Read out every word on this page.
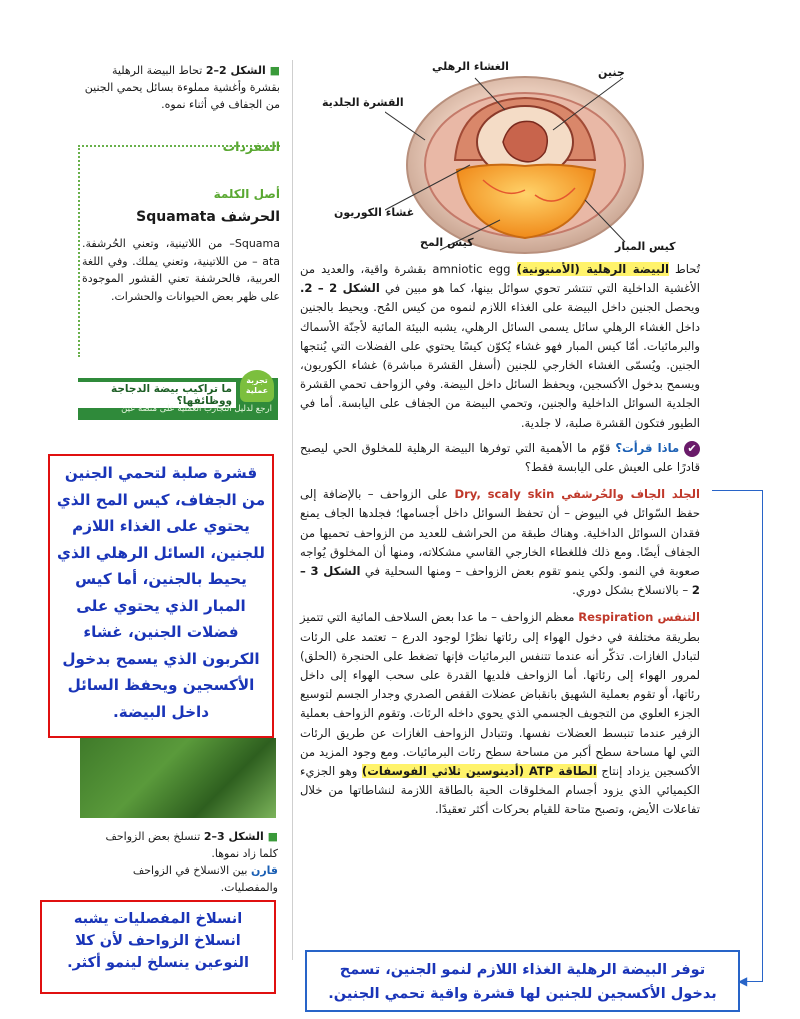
جنين
الغشاء الرهلي
القشرة الجلدية
غشاء الكوريون
كيس المح	كيس المبار
■ الشكل 2–2 تحاط البيضة الرهلية بقشرة وأغشية مملوءة بسائل يحمي الجنين من الجفاف في أثناء نموه.
المفردات
أصل الكلمة
الحرشف Squamata
Squama– من اللاتينية، وتعني الحُرشفة. ata – من اللاتينية، وتعني يملك. وفي اللغة العربية، فالحرشفة تعني القشور الموجودة على ظهر بعض الحيوانات والحشرات.
تجربة عملية
ما تراكيب بيضة الدجاجة ووظائفها؟
ارجع لدليل التجارب العملية على منصة عين
■ الشكل 3–2 تنسلخ بعض الزواحف كلما زاد نموها.
قارن بين الانسلاخ في الزواحف والمفصليات.

تُحاط البيضة الرهلية (الأمنيونية) amniotic egg بقشرة واقية، والعديد من الأغشية الداخلية التي تنتشر تحوي سوائل بينها، كما هو مبين في الشكل 2 – 2. ويحصل الجنين داخل البيضة على الغذاء اللازم لنموه من كيس المُح. ويحيط بالجنين داخل الغشاء الرهلي سائل يسمى السائل الرهلي، يشبه البيئة المائية لأجنّة الأسماك والبرمائيات. أمّا كيس المبار فهو غشاء يُكوّن كيسًا يحتوي على الفضلات التي يُنتجها الجنين. ويُسمّى الغشاء الخارجي للجنين (أسفل القشرة مباشرة) غشاء الكوريون، ويسمح بدخول الأكسجين، ويحفظ السائل داخل البيضة. وفي الزواحف تحمي القشرة الجلدية السوائل الداخلية والجنين، وتحمي البيضة من الجفاف على اليابسة. أما في الطيور فتكون القشرة صلبة، لا جلدية.

✔ ماذا قرأت؟ قوّم ما الأهمية التي توفرها البيضة الرهلية للمخلوق الحي ليصبح قادرًا على العيش على اليابسة فقط؟

الجلد الجاف والحُرشفي Dry, scaly skin على الزواحف – بالإضافة إلى حفظ السّوائل في البيوض – أن تحفظ السوائل داخل أجسامها؛ فجلدها الجاف يمنع فقدان السوائل الداخلية. وهناك طبقة من الحراشف للعديد من الزواحف تحميها من الجفاف أيضًا. ومع ذلك فللغطاء الخارجي القاسي مشكلاته، ومنها أن المخلوق يُواجه صعوبة في النمو. ولكي ينمو تقوم بعض الزواحف – ومنها السحلية في الشكل 3 – 2 – بالانسلاخ بشكل دوري.

التنفس Respiration معظم الزواحف – ما عدا بعض السلاحف المائية التي تتميز بطريقة مختلفة في دخول الهواء إلى رئاتها نظرًا لوجود الدرع – تعتمد على الرئات لتبادل الغازات. تذكّر أنه عندما تتنفس البرمائيات فإنها تضغط على الحنجرة (الحلق) لمرور الهواء إلى رئاتها. أما الزواحف فلديها القدرة على سحب الهواء إلى داخل رئاتها، أو تقوم بعملية الشهيق بانقباض عضلات القفص الصدري وجدار الجسم لتوسيع الجزء العلوي من التجويف الجسمي الذي يحوي داخله الرئات. وتقوم الزواحف بعملية الزفير عندما تنبسط العضلات نفسها. وتتبادل الزواحف الغازات عن طريق الرئات التي لها مساحة سطح أكبر من مساحة سطح رئات البرمائيات. ومع وجود المزيد من الأكسجين يزداد إنتاج الطاقة ATP (أدينوسين ثلاثي الفوسفات) وهو الجزيء الكيميائي الذي يزود أجسام المخلوقات الحية بالطاقة اللازمة لنشاطاتها من خلال تفاعلات الأيض، وتصبح متاحة للقيام بحركات أكثر تعقيدًا.

قشرة صلبة لتحمي الجنين من الجفاف، كيس المح الذي يحتوي على الغذاء اللازم للجنين، السائل الرهلي الذي يحيط بالجنين، أما كيس المبار الذي يحتوي على فضلات الجنين، غشاء الكربون الذي يسمح بدخول الأكسجين ويحفظ السائل داخل البيضة.
انسلاخ المفصليات يشبه انسلاخ الزواحف لأن كلا النوعين ينسلخ لينمو أكثر.	توفر البيضة الرهلية الغذاء اللازم لنمو الجنين، تسمح بدخول الأكسجين للجنين لها قشرة واقية تحمي الجنين.
◀
